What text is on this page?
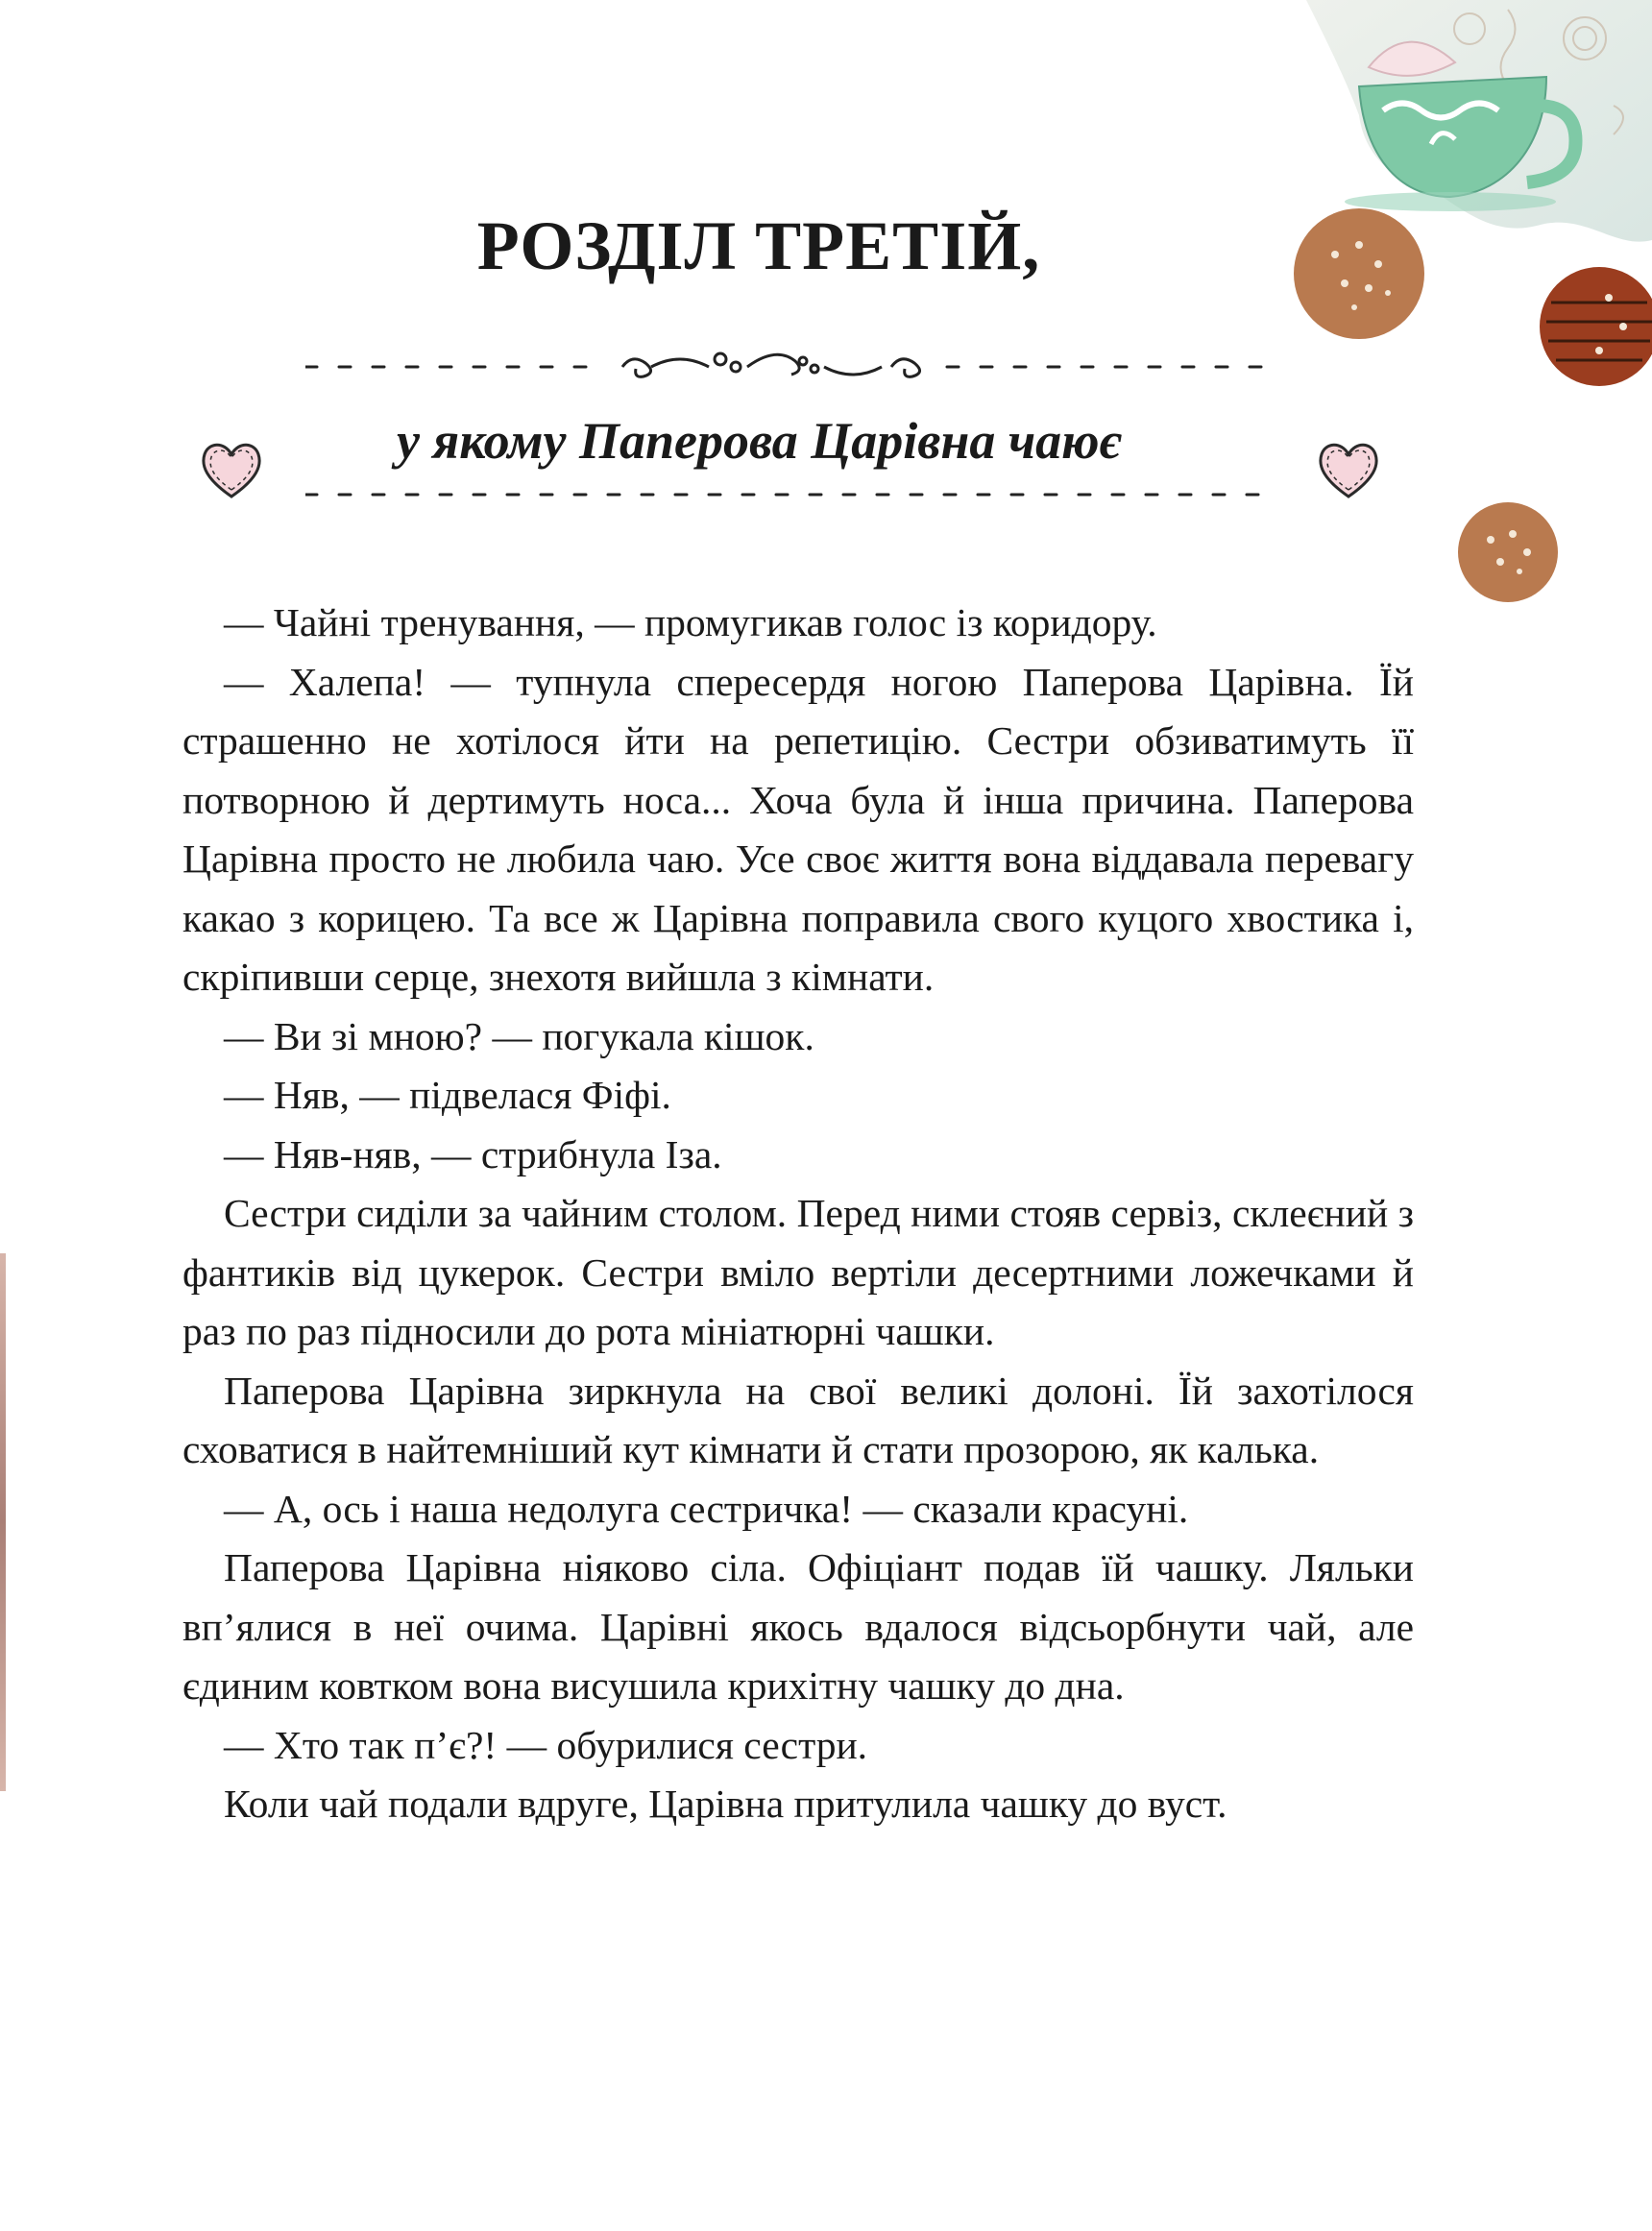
РОЗДІЛ ТРЕТІЙ,
у якому Паперова Царівна чаює

— Чайні тренування, — промугикав голос із коридору.

— Халепа! — тупнула спересердя ногою Паперова Царівна. Їй страшенно не хотілося йти на репетицію. Сестри обзиватимуть її потворною й дертимуть носа... Хоча була й інша причина. Паперова Царівна просто не любила чаю. Усе своє життя вона віддавала перевагу какао з корицею. Та все ж Царівна поправила свого куцого хвостика і, скріпивши серце, знехотя вийшла з кімнати.

— Ви зі мною? — погукала кішок.

— Няв, — підвелася Фіфі.

— Няв-няв, — стрибнула Іза.

Сестри сиділи за чайним столом. Перед ними стояв сервіз, склеєний з фантиків від цукерок. Сестри вміло вертіли десертними ложечками й раз по раз підносили до рота мініатюрні чашки.

Паперова Царівна зиркнула на свої великі долоні. Їй захотілося сховатися в найтемніший кут кімнати й стати прозорою, як калька.

— А, ось і наша недолуга сестричка! — сказали красуні.

Паперова Царівна ніяково сіла. Офіціант подав їй чашку. Ляльки вп’ялися в неї очима. Царівні якось вдалося відсьорбнути чай, але єдиним ковтком вона висушила крихітну чашку до дна.

— Хто так п’є?! — обурилися сестри.

Коли чай подали вдруге, Царівна притулила чашку до вуст.
